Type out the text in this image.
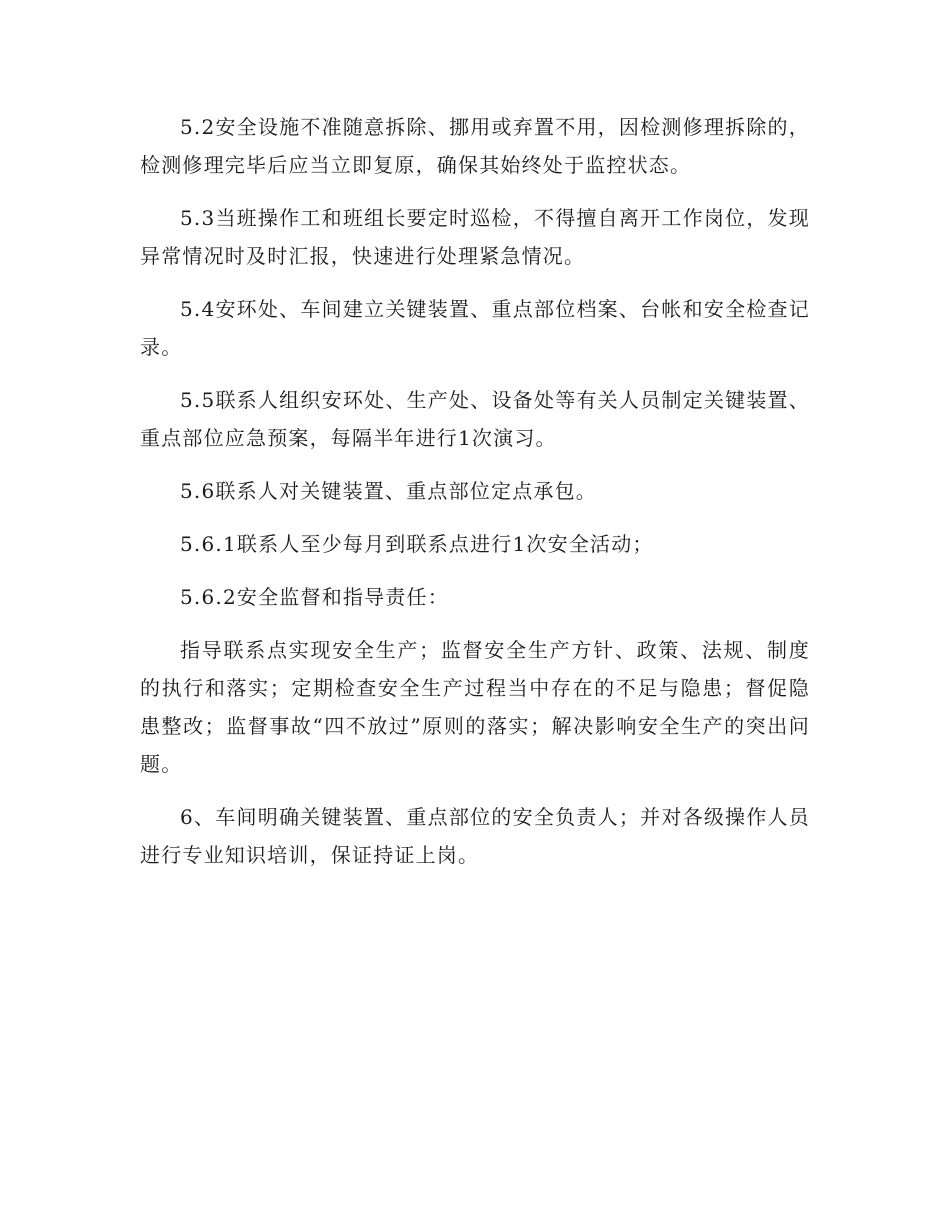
5.2安全设施不准随意拆除、挪用或弃置不用，因检测修理拆除的，检测修理完毕后应当立即复原，确保其始终处于监控状态。

5.3当班操作工和班组长要定时巡检，不得擅自离开工作岗位，发现异常情况时及时汇报，快速进行处理紧急情况。

5.4安环处、车间建立关键装置、重点部位档案、台帐和安全检查记录。

5.5联系人组织安环处、生产处、设备处等有关人员制定关键装置、重点部位应急预案，每隔半年进行1次演习。

5.6联系人对关键装置、重点部位定点承包。

5.6.1联系人至少每月到联系点进行1次安全活动；

5.6.2安全监督和指导责任：

指导联系点实现安全生产；监督安全生产方针、政策、法规、制度的执行和落实；定期检查安全生产过程当中存在的不足与隐患；督促隐患整改；监督事故“四不放过”原则的落实；解决影响安全生产的突出问题。

6、车间明确关键装置、重点部位的安全负责人；并对各级操作人员进行专业知识培训，保证持证上岗。
